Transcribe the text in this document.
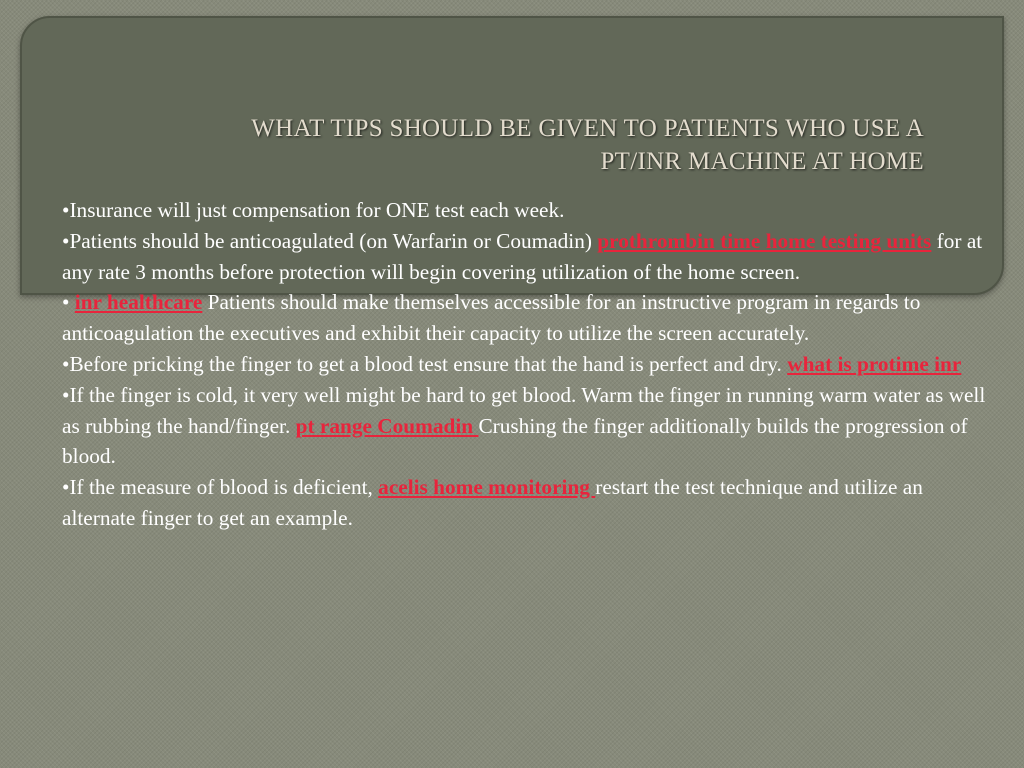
WHAT TIPS SHOULD BE GIVEN TO PATIENTS WHO USE A
PT/INR MACHINE AT HOME

•Insurance will just compensation for ONE test each week.

•Patients should be anticoagulated (on Warfarin or Coumadin) prothrombin time home testing units for at any rate 3 months before protection will begin covering utilization of the home screen.

• inr healthcare Patients should make themselves accessible for an instructive program in regards to anticoagulation the executives and exhibit their capacity to utilize the screen accurately.

•Before pricking the finger to get a blood test ensure that the hand is perfect and dry. what is protime inr

•If the finger is cold, it very well might be hard to get blood. Warm the finger in running warm water as well as rubbing the hand/finger. pt range Coumadin Crushing the finger additionally builds the progression of blood.

•If the measure of blood is deficient, acelis home monitoring restart the test technique and utilize an alternate finger to get an example.
